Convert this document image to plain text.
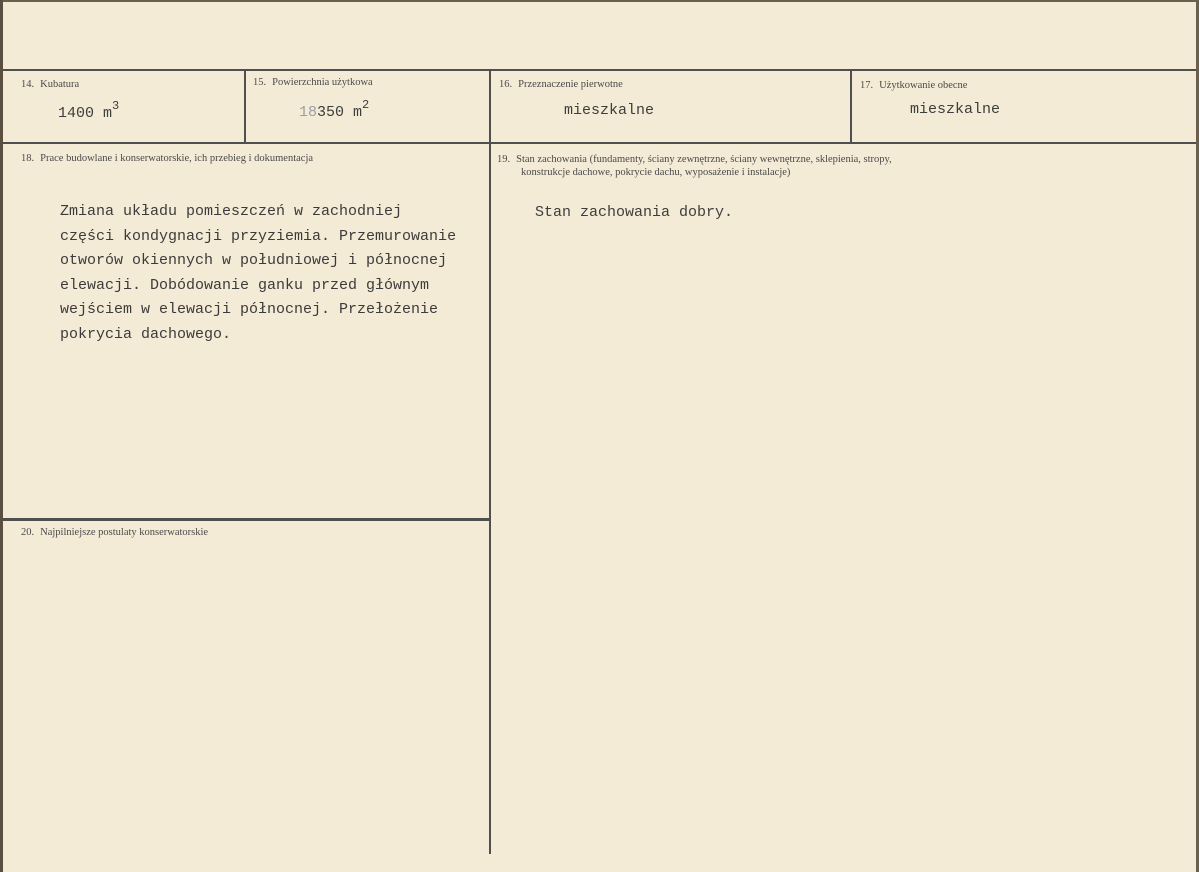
14. Kubatura
1400 $m^3$
15. Powierzchnia użytkowa
18350 $m^2$
16. Przeznaczenie pierwotne
mieszkalne
17. Użytkowanie obecne
mieszkalne
18. Prace budowlane i konserwatorskie, ich przebieg i dokumentacja
Zmiana układu pomieszczeń w zachodniej
części kondygnacji przyziemia. Przemurowanie
otworów okiennych w południowej i północnej
elewacji. Dobódowanie ganku przed głównym
wejściem w elewacji północnej. Przełożenie
pokrycia dachowego.
19. Stan zachowania (fundamenty, ściany zewnętrzne, ściany wewnętrzne, sklepienia, stropy,
konstrukcje dachowe, pokrycie dachu, wyposażenie i instalacje)
Stan zachowania dobry.
20. Najpilniejsze postulaty konserwatorskie
